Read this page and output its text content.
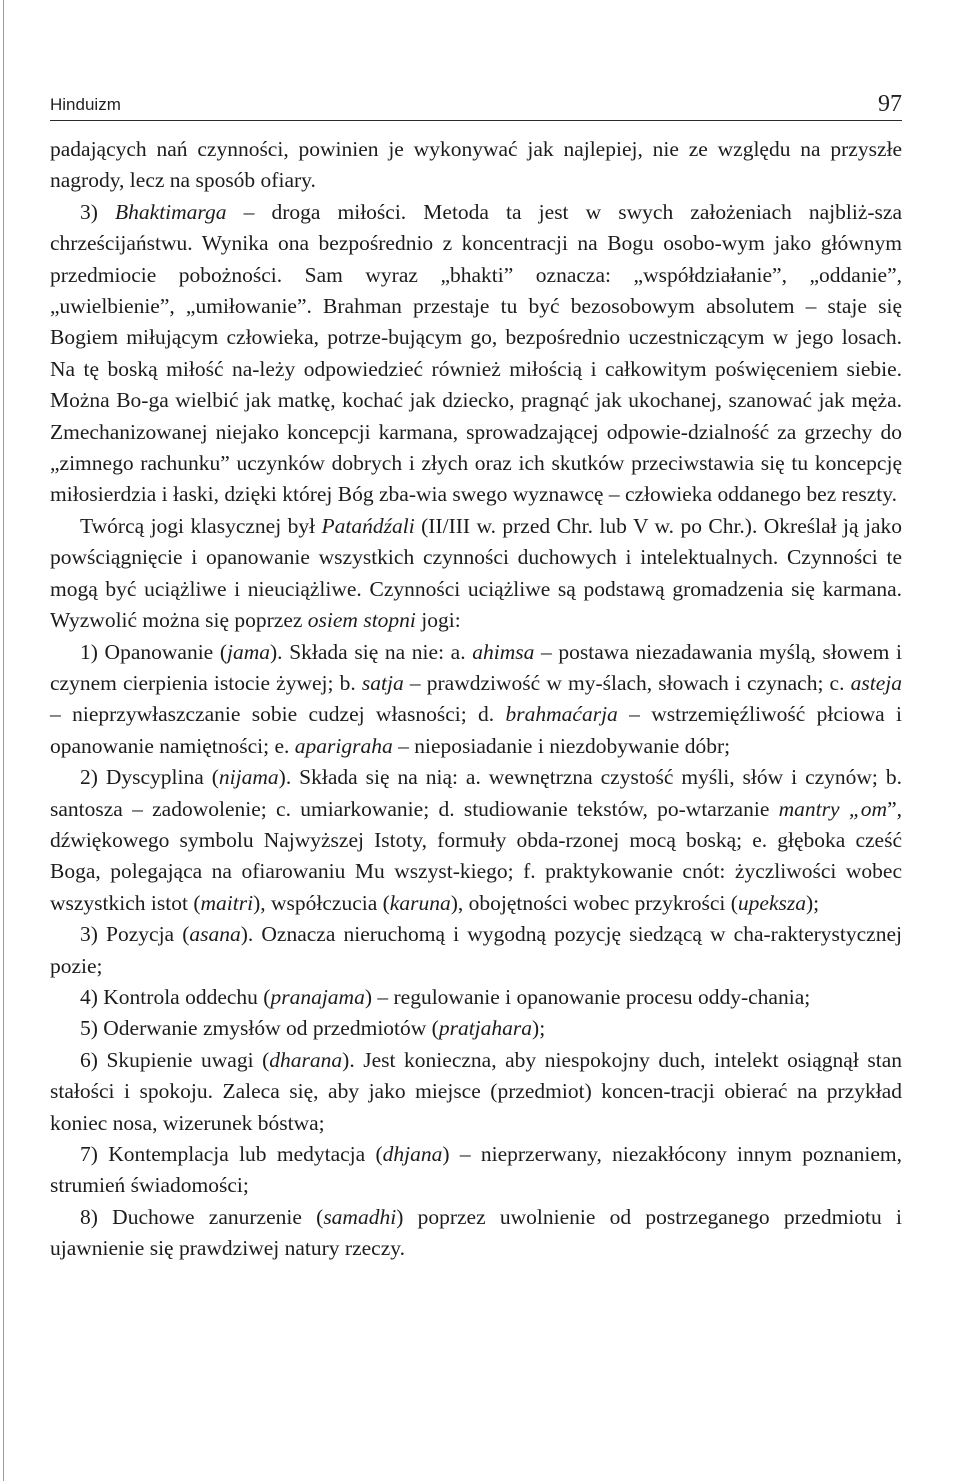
Hinduizm	97

padających nań czynności, powinien je wykonywać jak najlepiej, nie ze względu na przyszłe nagrody, lecz na sposób ofiary.

3) Bhaktimarga – droga miłości. Metoda ta jest w swych założeniach najbliż-sza chrześcijaństwu. Wynika ona bezpośrednio z koncentracji na Bogu osobo-wym jako głównym przedmiocie pobożności. Sam wyraz „bhakti” oznacza: „współdziałanie”, „oddanie”, „uwielbienie”, „umiłowanie”. Brahman przestaje tu być bezosobowym absolutem – staje się Bogiem miłującym człowieka, potrze-bującym go, bezpośrednio uczestniczącym w jego losach. Na tę boską miłość na-leży odpowiedzieć również miłością i całkowitym poświęceniem siebie. Można Bo-ga wielbić jak matkę, kochać jak dziecko, pragnąć jak ukochanej, szanować jak męża. Zmechanizowanej niejako koncepcji karmana, sprowadzającej odpowie-dzialność za grzechy do „zimnego rachunku” uczynków dobrych i złych oraz ich skutków przeciwstawia się tu koncepcję miłosierdzia i łaski, dzięki której Bóg zba-wia swego wyznawcę – człowieka oddanego bez reszty.

Twórcą jogi klasycznej był Patańdźali (II/III w. przed Chr. lub V w. po Chr.). Określał ją jako powściągnięcie i opanowanie wszystkich czynności duchowych i intelektualnych. Czynności te mogą być uciążliwe i nieuciążliwe. Czynności uciążliwe są podstawą gromadzenia się karmana. Wyzwolić można się poprzez osiem stopni jogi:

1) Opanowanie (jama). Składa się na nie: a. ahimsa – postawa niezadawania myślą, słowem i czynem cierpienia istocie żywej; b. satja – prawdziwość w my-ślach, słowach i czynach; c. asteja – nieprzywłaszczanie sobie cudzej własności; d. brahmaćarja – wstrzemięźliwość płciowa i opanowanie namiętności; e. aparigraha – nieposiadanie i niezdobywanie dóbr;

2) Dyscyplina (nijama). Składa się na nią: a. wewnętrzna czystość myśli, słów i czynów; b. santosza – zadowolenie; c. umiarkowanie; d. studiowanie tekstów, po-wtarzanie mantry „om”, dźwiękowego symbolu Najwyższej Istoty, formuły obda-rzonej mocą boską; e. głęboka cześć Boga, polegająca na ofiarowaniu Mu wszyst-kiego; f. praktykowanie cnót: życzliwości wobec wszystkich istot (maitri), współczucia (karuna), obojętności wobec przykrości (upeksza);

3) Pozycja (asana). Oznacza nieruchomą i wygodną pozycję siedzącą w cha-rakterystycznej pozie;

4) Kontrola oddechu (pranajama) – regulowanie i opanowanie procesu oddy-chania;

5) Oderwanie zmysłów od przedmiotów (pratjahara);

6) Skupienie uwagi (dharana). Jest konieczna, aby niespokojny duch, intelekt osiągnął stan stałości i spokoju. Zaleca się, aby jako miejsce (przedmiot) koncen-tracji obierać na przykład koniec nosa, wizerunek bóstwa;

7) Kontemplacja lub medytacja (dhjana) – nieprzerwany, niezakłócony innym poznaniem, strumień świadomości;

8) Duchowe zanurzenie (samadhi) poprzez uwolnienie od postrzeganego przedmiotu i ujawnienie się prawdziwej natury rzeczy.
